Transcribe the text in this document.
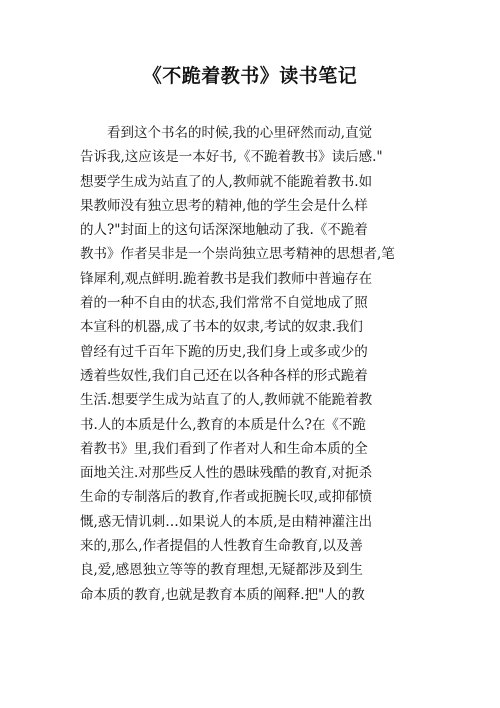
《不跪着教书》读书笔记
看到这个书名的时候,我的心里砰然而动,直觉
告诉我,这应该是一本好书,《不跪着教书》读后感."
想要学生成为站直了的人,教师就不能跪着教书.如
果教师没有独立思考的精神,他的学生会是什么样
的人?"封面上的这句话深深地触动了我.《不跪着
教书》作者吴非是一个崇尚独立思考精神的思想者,笔
锋犀利,观点鲜明.跪着教书是我们教师中普遍存在
着的一种不自由的状态,我们常常不自觉地成了照
本宣科的机器,成了书本的奴隶,考试的奴隶.我们
曾经有过千百年下跪的历史,我们身上或多或少的
透着些奴性,我们自己还在以各种各样的形式跪着
生活.想要学生成为站直了的人,教师就不能跪着教
书.人的本质是什么,教育的本质是什么?在《不跪
着教书》里,我们看到了作者对人和生命本质的全
面地关注.对那些反人性的愚昧残酷的教育,对扼杀
生命的专制落后的教育,作者或扼腕长叹,或抑郁愤
慨,惑无情讥刺…如果说人的本质,是由精神灌注出
来的,那么,作者提倡的人性教育生命教育,以及善
良,爱,感恩独立等等的教育理想,无疑都涉及到生
命本质的教育,也就是教育本质的阐释.把"人的教
